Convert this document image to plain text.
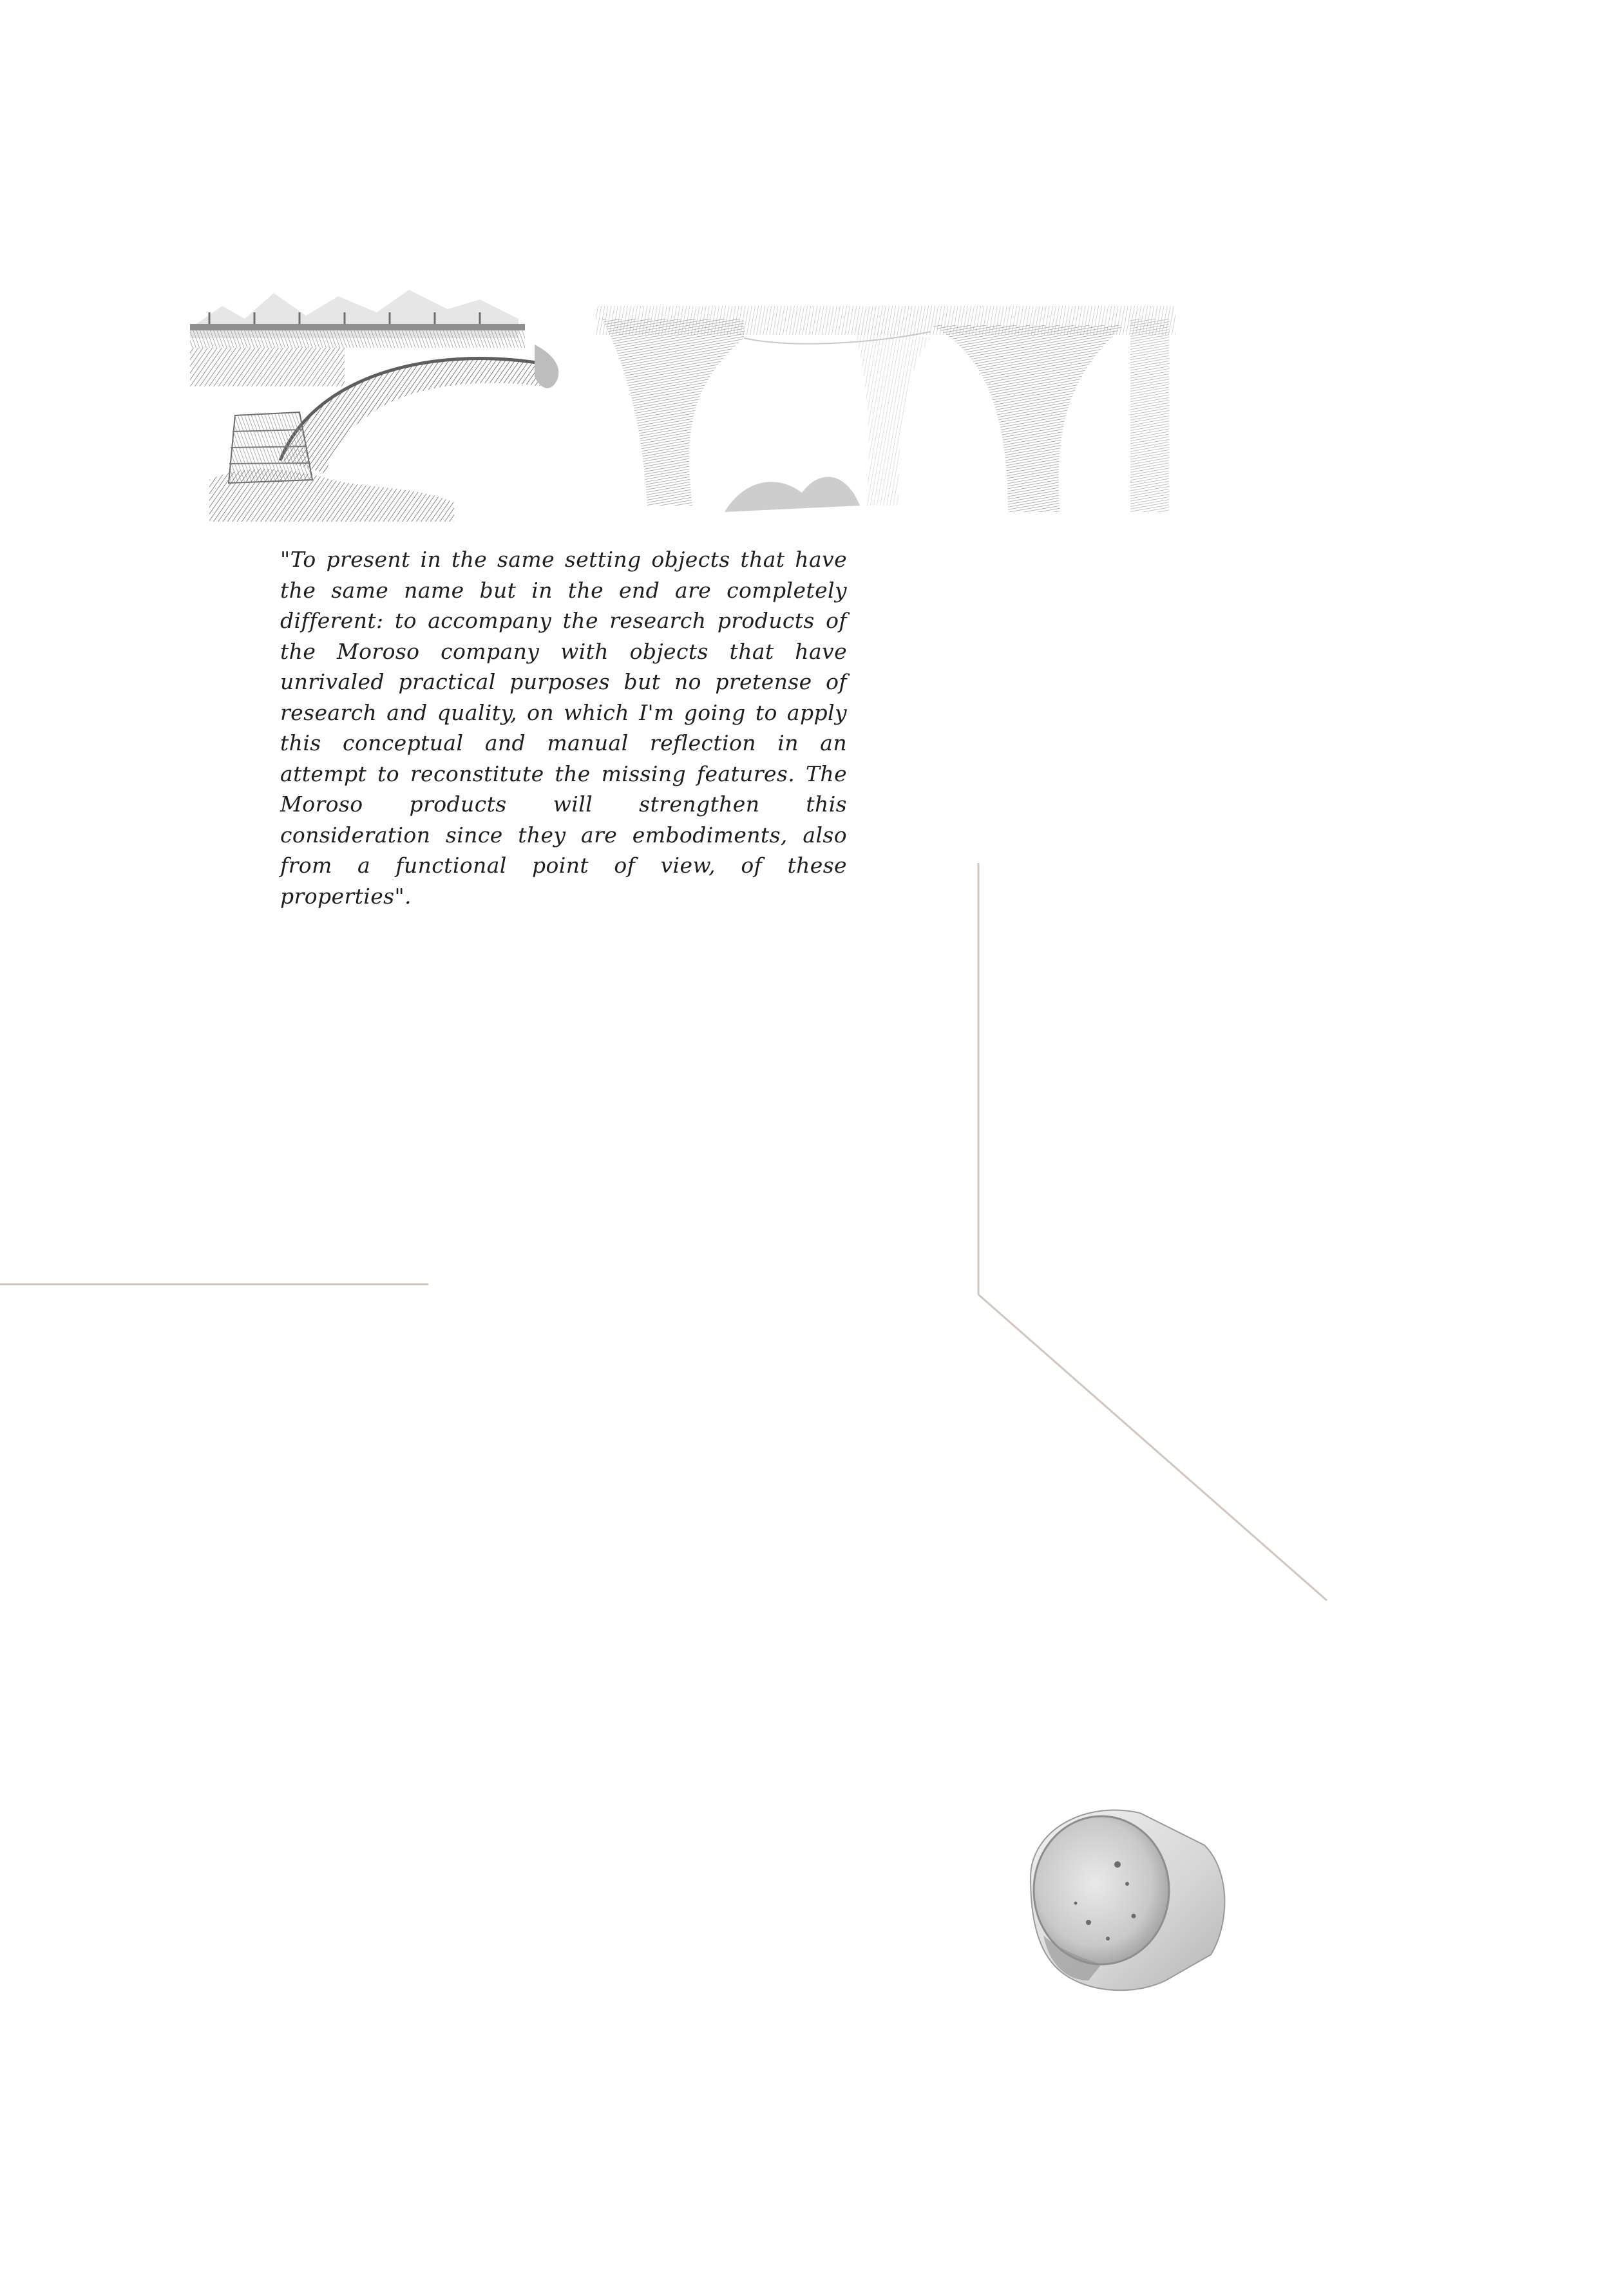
"To present in the same setting objects that have the same name but in the end are completely different: to accompany the research products of the Moroso company with objects that have unrivaled practical purposes but no pretense of research and quality, on which I'm going to apply this conceptual and manual reflection in an attempt to reconstitute the missing features. The Moroso products will strengthen this consideration since they are embodiments, also from a functional point of view, of these properties".
